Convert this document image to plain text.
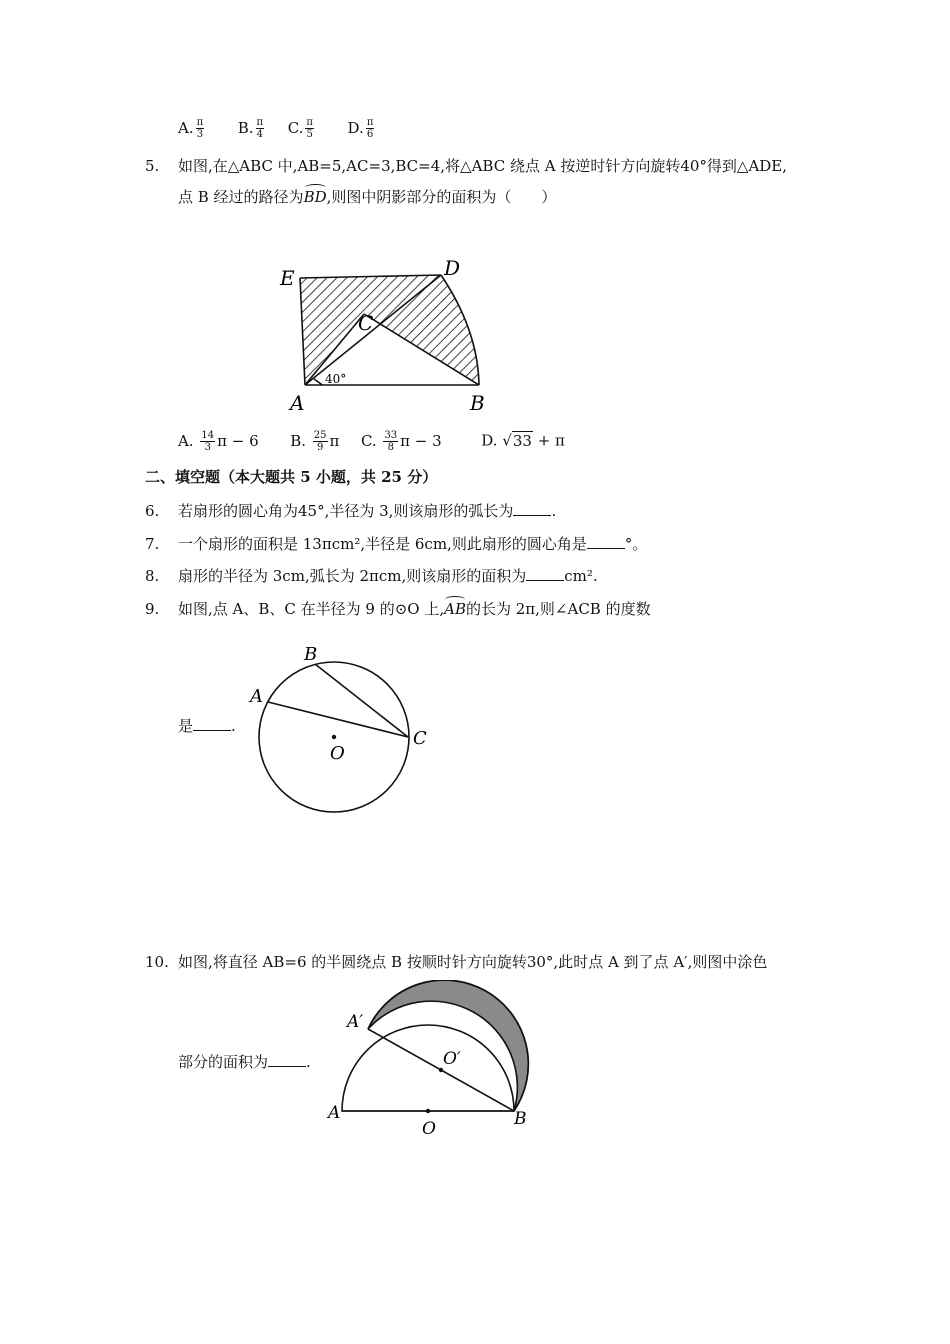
A. $\frac{\pi}{3} B$. $\frac{\pi}{4} C$. $\frac{\pi}{5} D$. $\frac{\pi}{6}$
5. 如图,在△ABC 中,AB=5,AC=3,BC=4,将△ABC 绕点 A 按逆时针方向旋转40°得到△ADE,
点 B 经过的路径为BD,则图中阴影部分的面积为（　　）
E	D
C
A	B
40°
A. $\frac{14}{3}$ π − 6 B. $\frac{25}{9}$ π C. $\frac{33}{8}$ π − 3	D. √33 + π
二、填空题（本大题共 5 小题，共 25 分）
6. 若扇形的圆心角为45°,半径为 3,则该扇形的弧长为	.
7. 一个扇形的面积是 13πcm²,半径是 6cm,则此扇形的圆心角是	°。
8. 扇形的半径为 3cm,弧长为 2πcm,则该扇形的面积为	cm².
9. 如图,点 A、B、C 在半径为 9 的⊙O 上,AB的长为 2π,则∠ACB 的度数
是	.
B
A
C
O
10. 如图,将直径 AB=6 的半圆绕点 B 按顺时针方向旋转30°,此时点 A 到了点 A′,则图中涂色
部分的面积为	.
A′
O′
A
O	B
